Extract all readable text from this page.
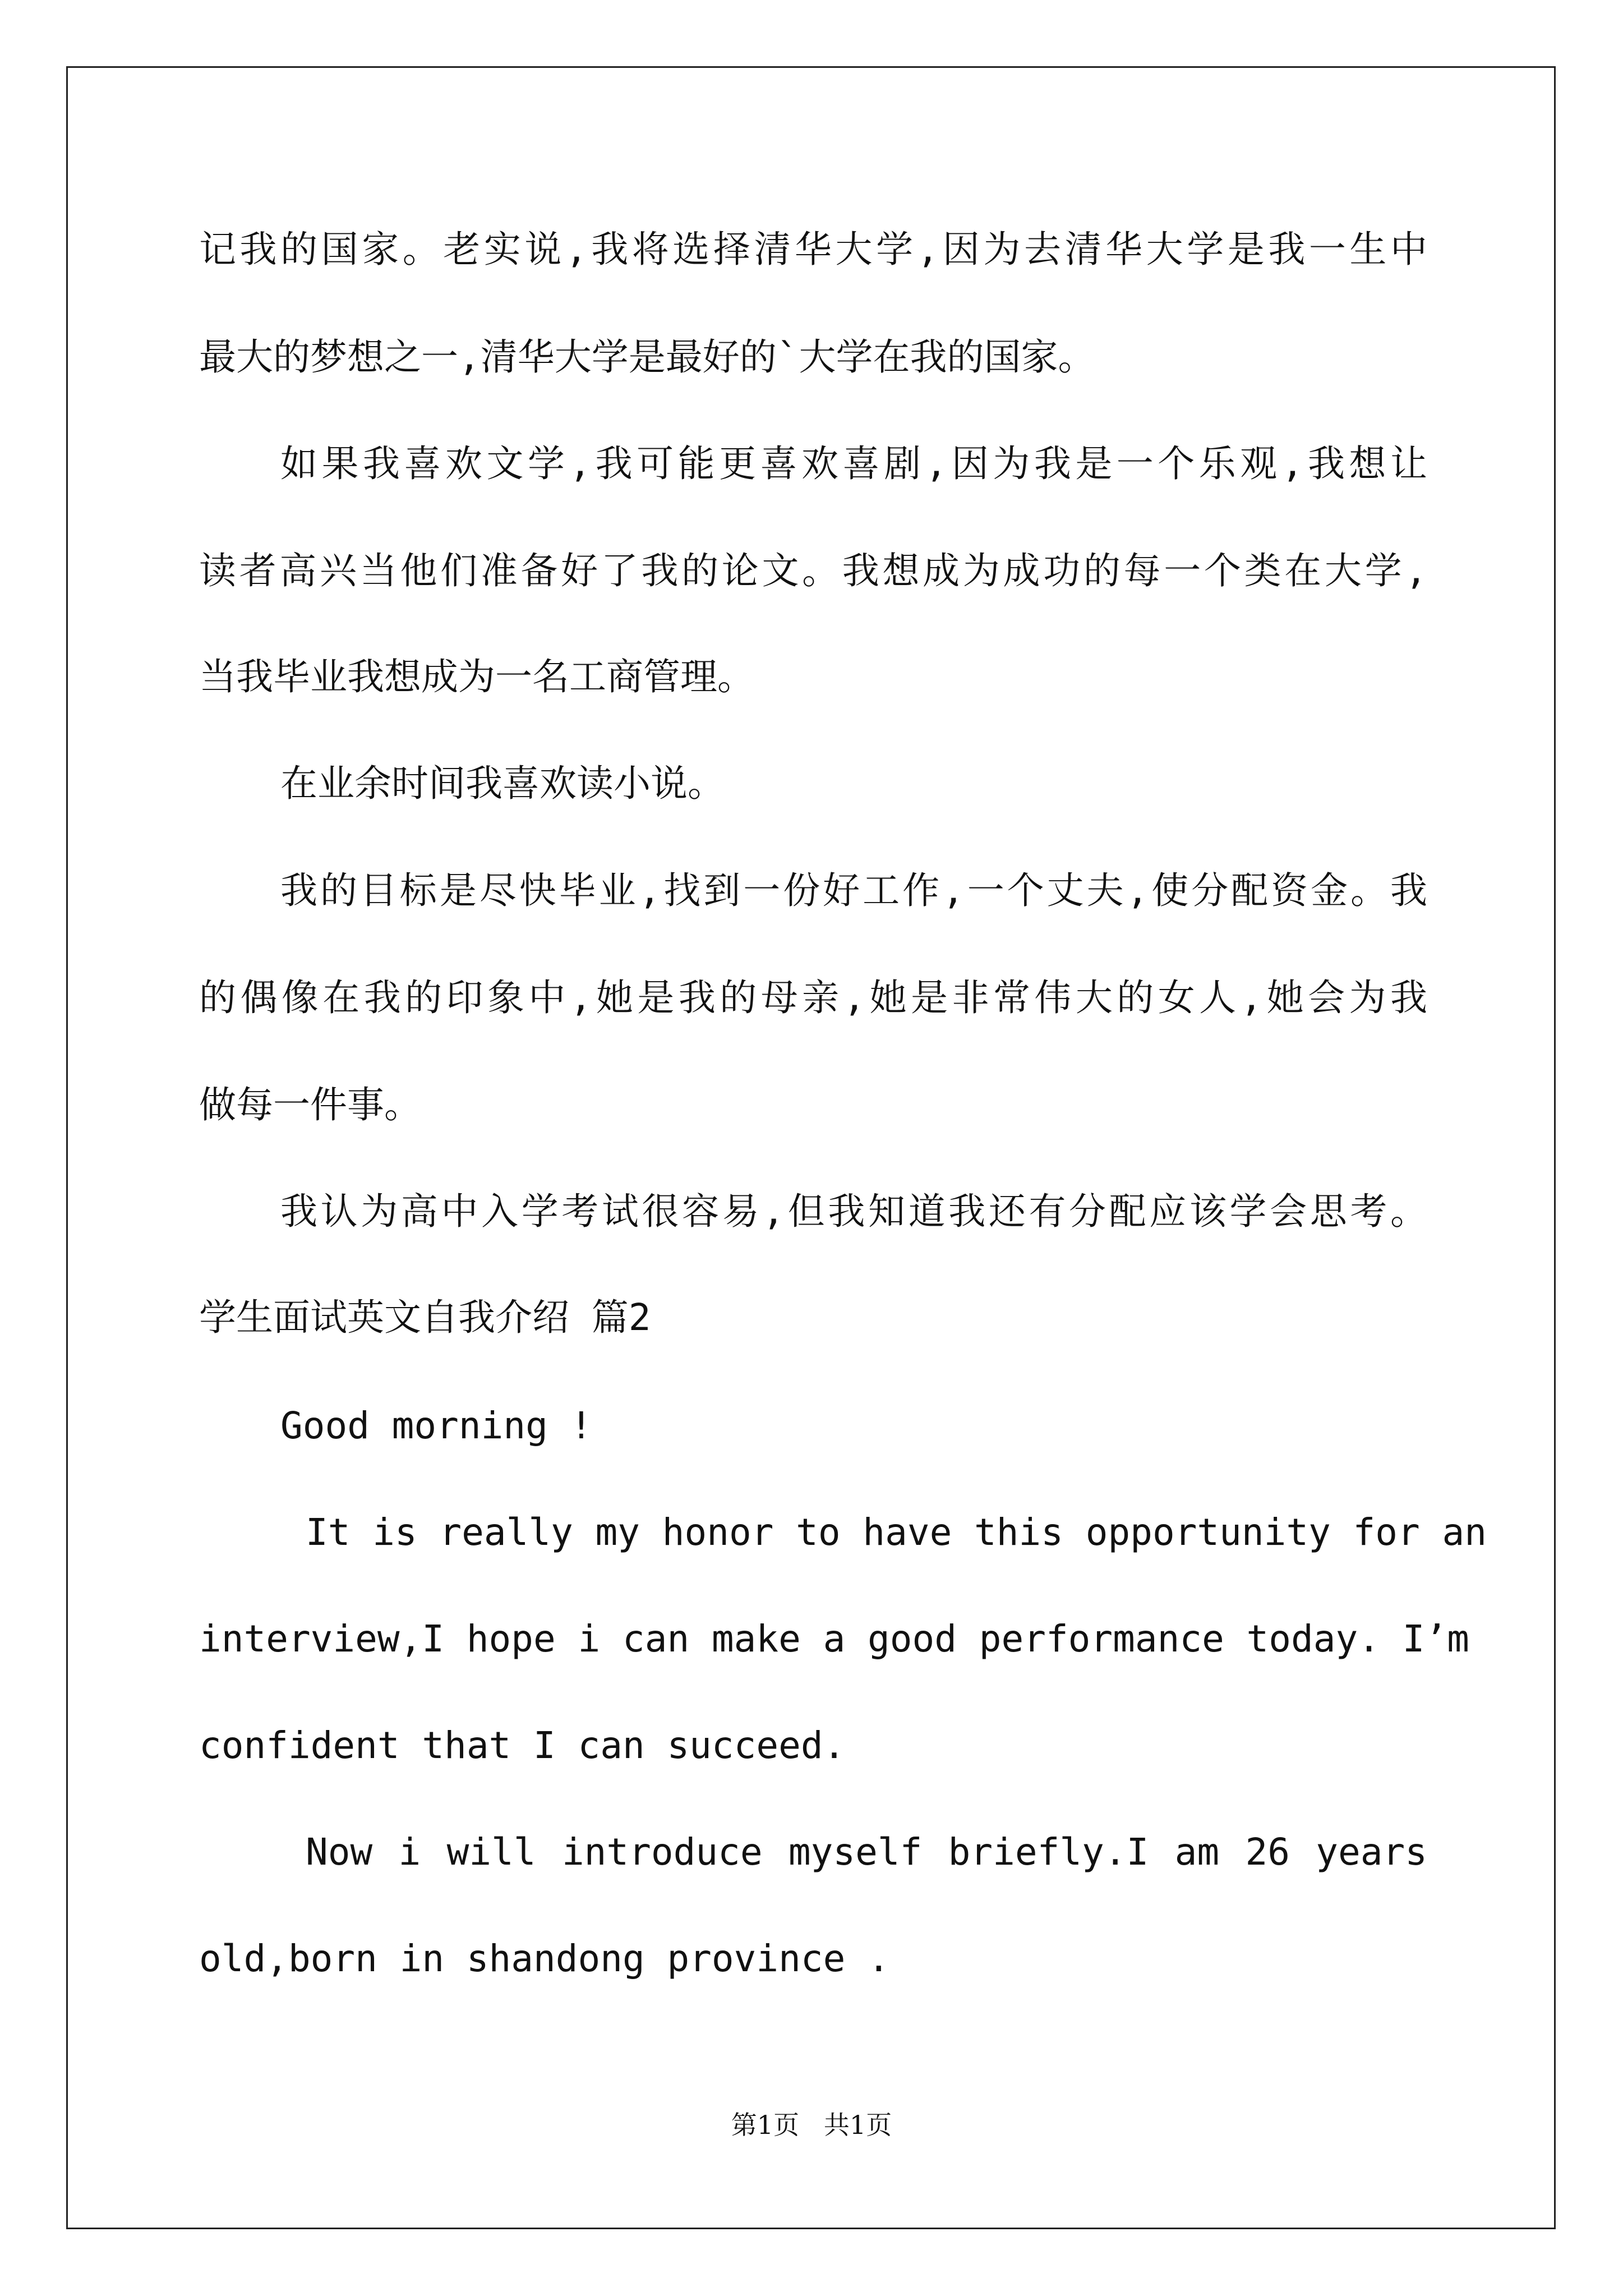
记我的国家。老实说,我将选择清华大学,因为去清华大学是我一生中
最大的梦想之一,清华大学是最好的`大学在我的国家。
如果我喜欢文学,我可能更喜欢喜剧,因为我是一个乐观,我想让
读者高兴当他们准备好了我的论文。我想成为成功的每一个类在大学,
当我毕业我想成为一名工商管理。
在业余时间我喜欢读小说。
我的目标是尽快毕业,找到一份好工作,一个丈夫,使分配资金。我
的偶像在我的印象中,她是我的母亲,她是非常伟大的女人,她会为我
做每一件事。
我认为高中入学考试很容易,但我知道我还有分配应该学会思考。
学生面试英文自我介绍 篇2
Good morning !
It is really my honor to have this opportunity for an
interview,I hope i can make a good performance today. I’m
confident that I can succeed.
Now i will introduce myself briefly.I am 26 years
old,born in shandong province .
第1页   共1页
